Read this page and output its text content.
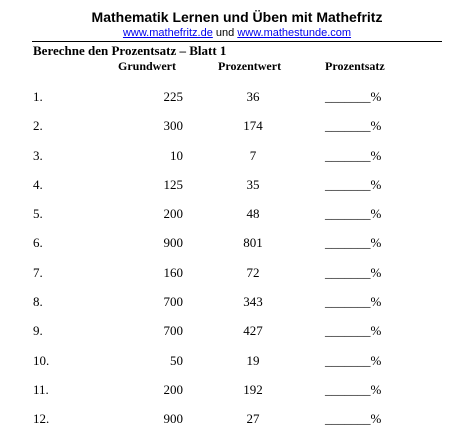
Mathematik Lernen und Üben mit Mathefritz

www.mathefritz.de und www.mathestunde.com

Berechne den Prozentsatz – Blatt 1
Grundwert	Prozentwert	Prozentsatz
1.	225	36	_______%
2.	300	174	_______%
3.	10	7	_______%
4.	125	35	_______%
5.	200	48	_______%
6.	900	801	_______%
7.	160	72	_______%
8.	700	343	_______%
9.	700	427	_______%
10.	50	19	_______%
11.	200	192	_______%
12.	900	27	_______%
